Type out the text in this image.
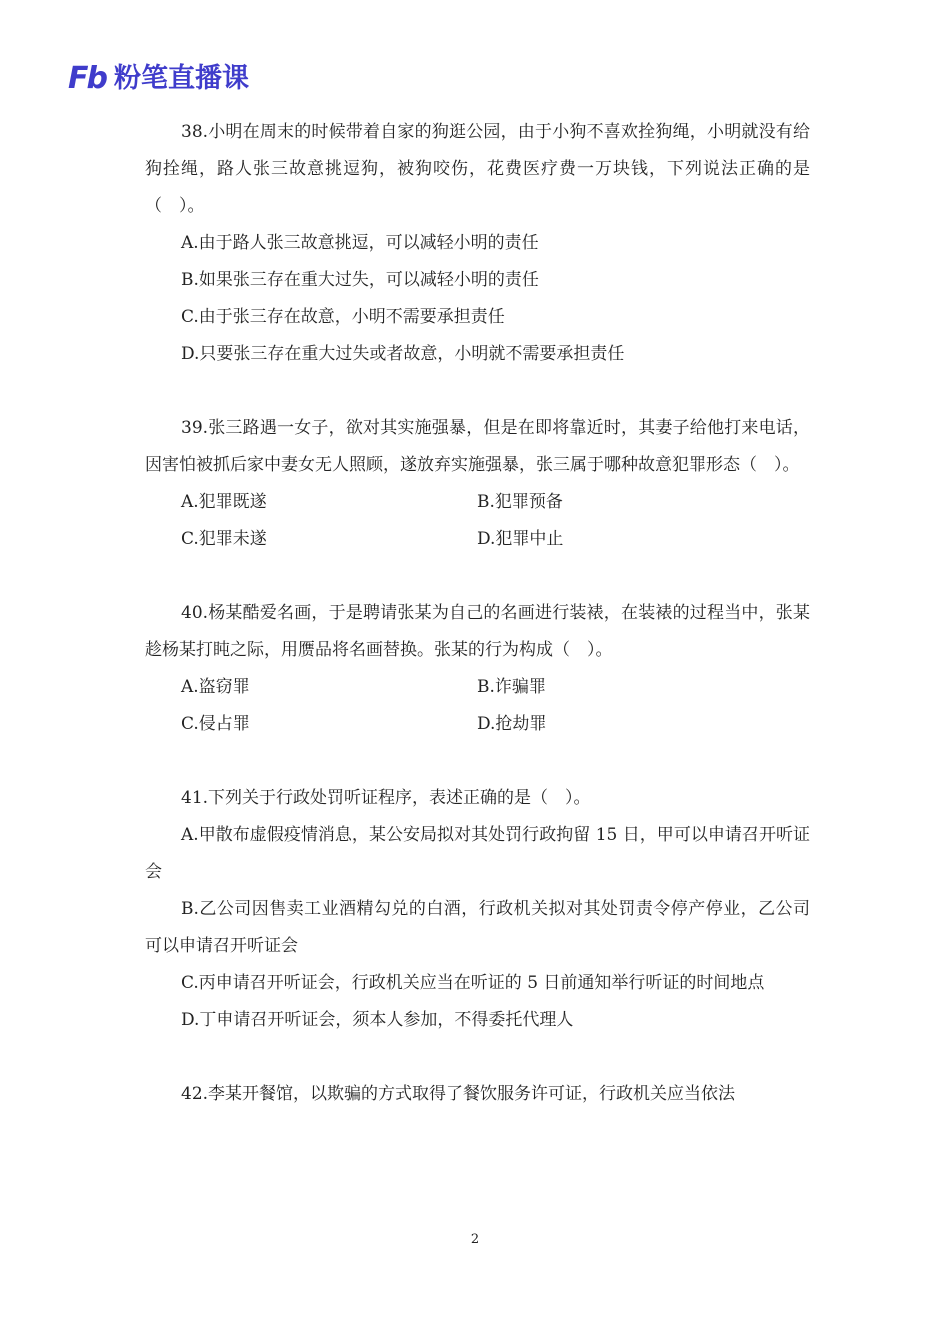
Fb 粉笔直播课

38.小明在周末的时候带着自家的狗逛公园，由于小狗不喜欢拴狗绳，小明就没有给狗拴绳，路人张三故意挑逗狗，被狗咬伤，花费医疗费一万块钱，下列说法正确的是（　）。

A.由于路人张三故意挑逗，可以减轻小明的责任

B.如果张三存在重大过失，可以减轻小明的责任

C.由于张三存在故意，小明不需要承担责任

D.只要张三存在重大过失或者故意，小明就不需要承担责任

39.张三路遇一女子，欲对其实施强暴，但是在即将靠近时，其妻子给他打来电话，因害怕被抓后家中妻女无人照顾，遂放弃实施强暴，张三属于哪种故意犯罪形态（　）。

A.犯罪既遂	B.犯罪预备

C.犯罪未遂	D.犯罪中止

40.杨某酷爱名画，于是聘请张某为自己的名画进行装裱，在装裱的过程当中，张某趁杨某打盹之际，用赝品将名画替换。张某的行为构成（　）。

A.盗窃罪	B.诈骗罪

C.侵占罪	D.抢劫罪

41.下列关于行政处罚听证程序，表述正确的是（　）。

A.甲散布虚假疫情消息，某公安局拟对其处罚行政拘留 15 日，甲可以申请召开听证会

B.乙公司因售卖工业酒精勾兑的白酒，行政机关拟对其处罚责令停产停业，乙公司可以申请召开听证会

C.丙申请召开听证会，行政机关应当在听证的 5 日前通知举行听证的时间地点

D.丁申请召开听证会，须本人参加，不得委托代理人

42.李某开餐馆，以欺骗的方式取得了餐饮服务许可证，行政机关应当依法

2
